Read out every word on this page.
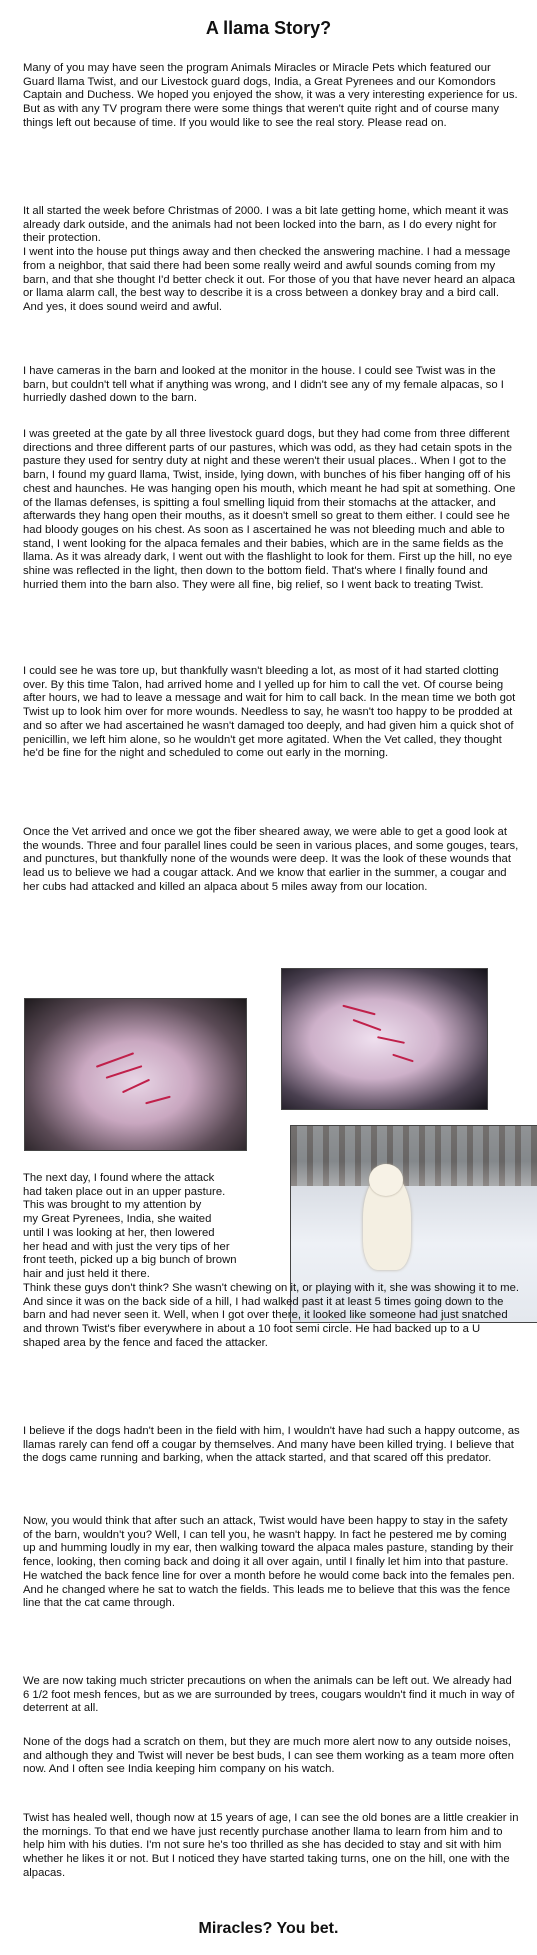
A llama Story?

Many of you may have seen the program Animals Miracles or Miracle Pets which featured our Guard llama Twist, and our Livestock guard dogs, India, a Great Pyrenees and our Komondors Captain and Duchess. We hoped you enjoyed the show, it was a very interesting experience for us. But as with any TV program there were some things that weren't quite right and of course many things left out because of time. If you would like to see the real story. Please read on.

It all started the week before Christmas of 2000. I was a bit late getting home, which meant it was already dark outside, and the animals had not been locked into the barn, as I do every night for their protection.
I went into the house put things away and then checked the answering machine. I had a message from a neighbor, that said there had been some really weird and awful sounds coming from my barn, and that she thought I'd better check it out. For those of you that have never heard an alpaca or llama alarm call, the best way to describe it is a cross between a donkey bray and a bird call. And yes, it does sound weird and awful.

I have cameras in the barn and looked at the monitor in the house. I could see Twist was in the barn, but couldn't tell what if anything was wrong, and I didn't see any of my female alpacas, so I hurriedly dashed down to the barn.

I was greeted at the gate by all three livestock guard dogs, but they had come from three different directions and three different parts of our pastures, which was odd, as they had cetain spots in the pasture they used for sentry duty at night and these weren't their usual places.. When I got to the barn, I found my guard llama, Twist, inside, lying down, with bunches of his fiber hanging off of his chest and haunches. He was hanging open his mouth, which meant he had spit at something. One of the llamas defenses, is spitting a foul smelling liquid from their stomachs at the attacker, and afterwards they hang open their mouths, as it doesn't smell so great to them either. I could see he had bloody gouges on his chest. As soon as I ascertained he was not bleeding much and able to stand, I went looking for the alpaca females and their babies, which are in the same fields as the llama. As it was already dark, I went out with the flashlight to look for them. First up the hill, no eye shine was reflected in the light, then down to the bottom field. That's where I finally found and hurried them into the barn also. They were all fine, big relief, so I went back to treating Twist.

I could see he was tore up, but thankfully wasn't bleeding a lot, as most of it had started clotting over. By this time Talon, had arrived home and I yelled up for him to call the vet. Of course being after hours, we had to leave a message and wait for him to call back. In the mean time we both got Twist up to look him over for more wounds. Needless to say, he wasn't too happy to be prodded at and so after we had ascertained he wasn't damaged too deeply, and had given him a quick shot of penicillin, we left him alone, so he wouldn't get more agitated. When the Vet called, they thought he'd be fine for the night and scheduled to come out early in the morning.

Once the Vet arrived and once we got the fiber sheared away, we were able to get a good look at the wounds. Three and four parallel lines could be seen in various places, and some gouges, tears, and punctures, but thankfully none of the wounds were deep. It was the look of these wounds that lead us to believe we had a cougar attack. And we know that earlier in the summer, a cougar and her cubs had attacked and killed an alpaca about 5 miles away from our location.

The next day, I found where the attack
had taken place out in an upper pasture.
This was brought to my attention by
my Great Pyrenees, India, she waited
until I was looking at her, then lowered
her head and with just the very tips of her
front teeth, picked up a big bunch of brown
hair and just held it there.

Think these guys don't think? She wasn't chewing on it, or playing with it, she was showing it to me. And since it was on the back side of a hill, I had walked past it at least 5 times going down to the barn and had never seen it. Well, when I got over there, it looked like someone had just snatched and thrown Twist's fiber everywhere in about a 10 foot semi circle. He had backed up to a U shaped area by the fence and faced the attacker.

I believe if the dogs hadn't been in the field with him, I wouldn't have had such a happy outcome, as llamas rarely can fend off a cougar by themselves. And many have been killed trying. I believe that the dogs came running and barking, when the attack started, and that scared off this predator.

Now, you would think that after such an attack, Twist would have been happy to stay in the safety of the barn, wouldn't you? Well, I can tell you, he wasn't happy. In fact he pestered me by coming up and humming loudly in my ear, then walking toward the alpaca males pasture, standing by their fence, looking, then coming back and doing it all over again, until I finally let him into that pasture. He watched the back fence line for over a month before he would come back into the females pen. And he changed where he sat to watch the fields. This leads me to believe that this was the fence line that the cat came through.

We are now taking much stricter precautions on when the animals can be left out. We already had 6 1/2 foot mesh fences, but as we are surrounded by trees, cougars wouldn't find it much in way of deterrent at all.

None of the dogs had a scratch on them, but they are much more alert now to any outside noises, and although they and Twist will never be best buds, I can see them working as a team more often now. And I often see India keeping him company on his watch.

Twist has healed well, though now at 15 years of age, I can see the old bones are a little creakier in the mornings. To that end we have just recently purchase another llama to learn from him and to help him with his duties. I'm not sure he's too thrilled as she has decided to stay and sit with him whether he likes it or not. But I noticed they have started taking turns, one on the hill, one with the alpacas.

Miracles? You bet.
